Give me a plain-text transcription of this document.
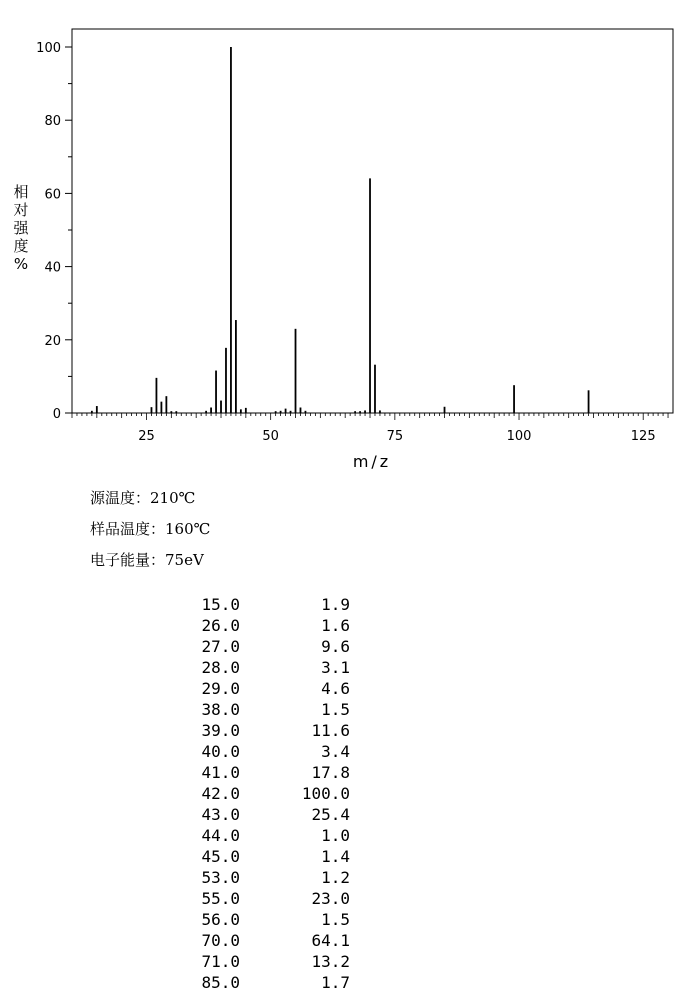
0
20
40
60
80
100
25	50	75	100	125
m/z
相
对
强
度
%
源温度：210℃
样品温度：160℃
电子能量：75eV
15.0	1.9
26.0	1.6
27.0	9.6
28.0	3.1
29.0	4.6
38.0	1.5
39.0	11.6
40.0	3.4
41.0	17.8
42.0	100.0
43.0	25.4
44.0	1.0
45.0	1.4
53.0	1.2
55.0	23.0
56.0	1.5
70.0	64.1
71.0	13.2
85.0	1.7
